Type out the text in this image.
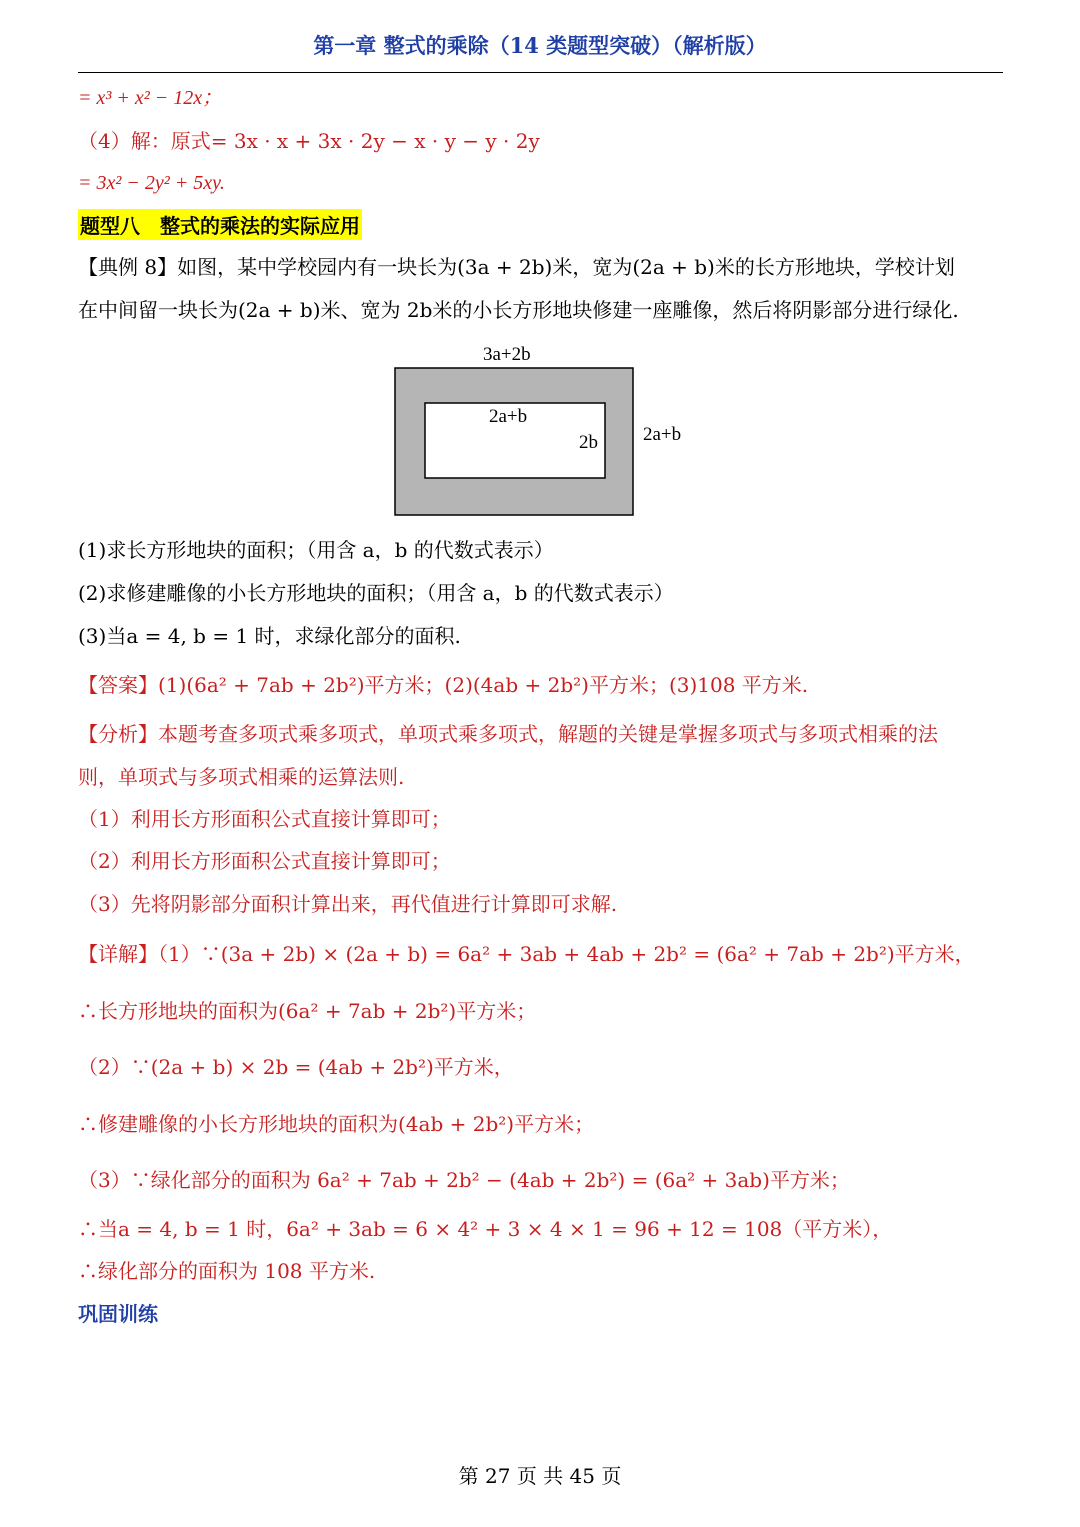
第一章 整式的乘除（14 类题型突破）（解析版）
= x³ + x² − 12x；
（4）解：原式= 3x · x + 3x · 2y − x · y − y · 2y
= 3x² − 2y² + 5xy.
题型八　整式的乘法的实际应用
【典例 8】如图，某中学校园内有一块长为(3a + 2b)米，宽为(2a + b)米的长方形地块，学校计划
在中间留一块长为(2a + b)米、宽为 2b米的小长方形地块修建一座雕像，然后将阴影部分进行绿化.
3a+2b
2a+b
2a+b
2b
(1)求长方形地块的面积；（用含 a，b 的代数式表示）
(2)求修建雕像的小长方形地块的面积；（用含 a，b 的代数式表示）
(3)当a = 4, b = 1 时，求绿化部分的面积.
【答案】(1)(6a² + 7ab + 2b²)平方米；(2)(4ab + 2b²)平方米；(3)108 平方米.
【分析】本题考查多项式乘多项式，单项式乘多项式，解题的关键是掌握多项式与多项式相乘的法
则，单项式与多项式相乘的运算法则.
（1）利用长方形面积公式直接计算即可；
（2）利用长方形面积公式直接计算即可；
（3）先将阴影部分面积计算出来，再代值进行计算即可求解.
【详解】（1）∵(3a + 2b) × (2a + b) = 6a² + 3ab + 4ab + 2b² = (6a² + 7ab + 2b²)平方米，
∴长方形地块的面积为(6a² + 7ab + 2b²)平方米；
（2）∵(2a + b) × 2b = (4ab + 2b²)平方米，
∴修建雕像的小长方形地块的面积为(4ab + 2b²)平方米；
（3）∵绿化部分的面积为 6a² + 7ab + 2b² − (4ab + 2b²) = (6a² + 3ab)平方米；
∴当a = 4, b = 1 时，6a² + 3ab = 6 × 4² + 3 × 4 × 1 = 96 + 12 = 108（平方米），
∴绿化部分的面积为 108 平方米.
巩固训练
第 27 页 共 45 页
